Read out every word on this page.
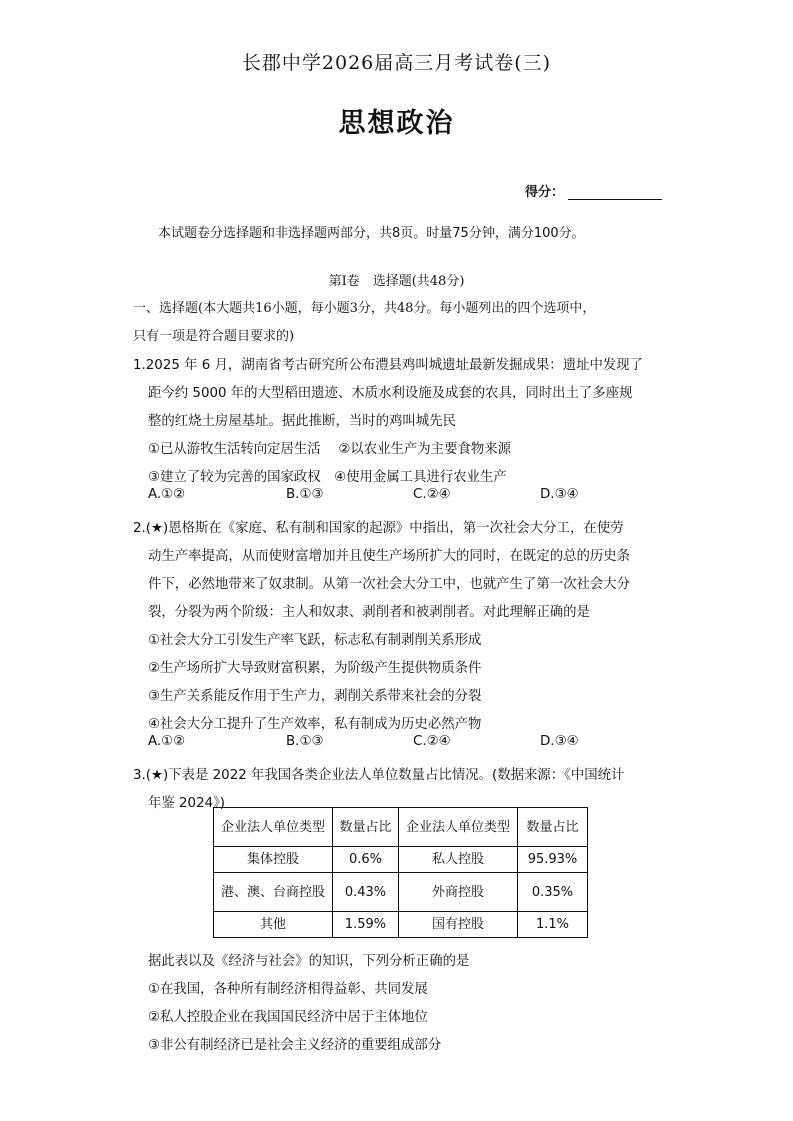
长郡中学2026届高三月考试卷(三)
思想政治
得分：
本试题卷分选择题和非选择题两部分，共8页。时量75分钟，满分100分。
第Ⅰ卷　选择题(共48分)
一、选择题(本大题共16小题，每小题3分，共48分。每小题列出的四个选项中，
只有一项是符合题目要求的)
1.2025 年 6 月，湖南省考古研究所公布澧县鸡叫城遗址最新发掘成果：遗址中发现了
距今约 5000 年的大型稻田遗迹、木质水利设施及成套的农具，同时出土了多座规
整的红烧土房屋基址。据此推断，当时的鸡叫城先民
①已从游牧生活转向定居生活　 ②以农业生产为主要食物来源
③建立了较为完善的国家政权　④使用金属工具进行农业生产
A.①②	B.①③	C.②④	D.③④
2.(★)恩格斯在《家庭、私有制和国家的起源》中指出，第一次社会大分工，在使劳
动生产率提高，从而使财富增加并且使生产场所扩大的同时，在既定的总的历史条
件下，必然地带来了奴隶制。从第一次社会大分工中，也就产生了第一次社会大分
裂，分裂为两个阶级：主人和奴隶、剥削者和被剥削者。对此理解正确的是
①社会大分工引发生产率飞跃，标志私有制剥削关系形成
②生产场所扩大导致财富积累，为阶级产生提供物质条件
③生产关系能反作用于生产力，剥削关系带来社会的分裂
④社会大分工提升了生产效率，私有制成为历史必然产物
A.①②	B.①③	C.②④	D.③④
3.(★)下表是 2022 年我国各类企业法人单位数量占比情况。(数据来源：《中国统计
年鉴 2024》)
企业法人单位类型	数量占比	企业法人单位类型	数量占比
集体控股	0.6%	私人控股	95.93%
港、澳、台商控股	0.43%	外商控股	0.35%
其他	1.59%	国有控股	1.1%
据此表以及《经济与社会》的知识，下列分析正确的是
①在我国，各种所有制经济相得益彰、共同发展
②私人控股企业在我国国民经济中居于主体地位
③非公有制经济已是社会主义经济的重要组成部分
